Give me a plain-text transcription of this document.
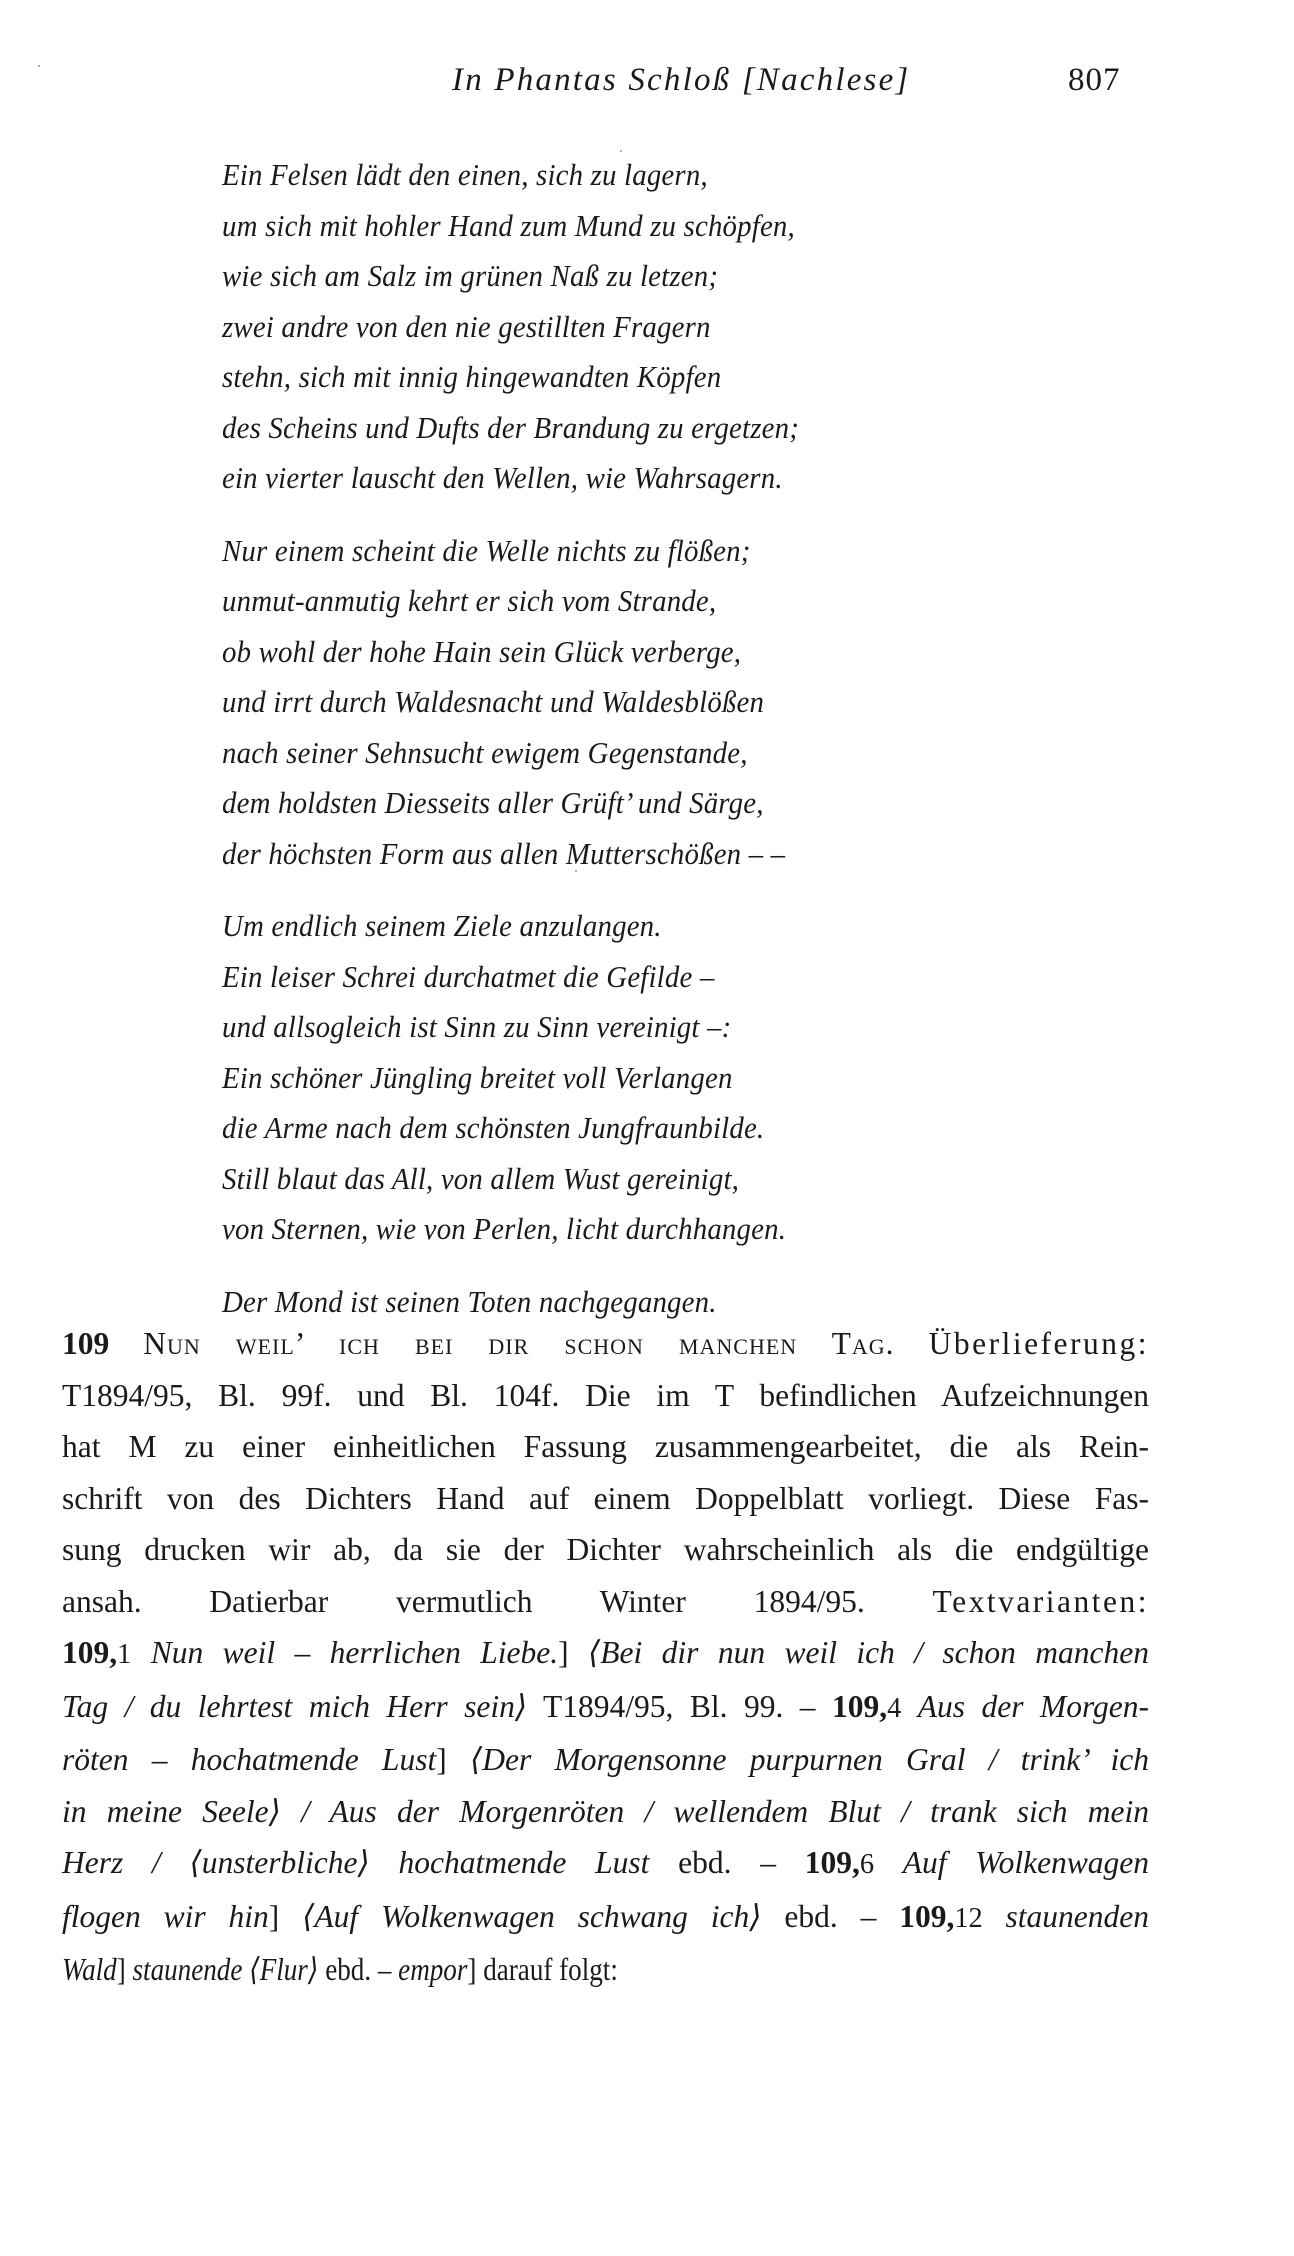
In Phantas Schloß [Nachlese]	807
Ein Felsen lädt den einen, sich zu lagern,
um sich mit hohler Hand zum Mund zu schöpfen,
wie sich am Salz im grünen Naß zu letzen;
zwei andre von den nie gestillten Fragern
stehn, sich mit innig hingewandten Köpfen
des Scheins und Dufts der Brandung zu ergetzen;
ein vierter lauscht den Wellen, wie Wahrsagern.
Nur einem scheint die Welle nichts zu flößen;
unmut-anmutig kehrt er sich vom Strande,
ob wohl der hohe Hain sein Glück verberge,
und irrt durch Waldesnacht und Waldesblößen
nach seiner Sehnsucht ewigem Gegenstande,
dem holdsten Diesseits aller Grüft’ und Särge,
der höchsten Form aus allen Mutterschößen – –
Um endlich seinem Ziele anzulangen.
Ein leiser Schrei durchatmet die Gefilde –
und allsogleich ist Sinn zu Sinn vereinigt –:
Ein schöner Jüngling breitet voll Verlangen
die Arme nach dem schönsten Jungfraunbilde.
Still blaut das All, von allem Wust gereinigt,
von Sternen, wie von Perlen, licht durchhangen.
Der Mond ist seinen Toten nachgegangen.
109 Nun weil’ ich bei dir schon manchen Tag. Überlieferung:
T1894/95, Bl. 99f. und Bl. 104f. Die im T befindlichen Aufzeichnungen
hat M zu einer einheitlichen Fassung zusammengearbeitet, die als Rein-
schrift von des Dichters Hand auf einem Doppelblatt vorliegt. Diese Fas-
sung drucken wir ab, da sie der Dichter wahrscheinlich als die endgültige
ansah. Datierbar vermutlich Winter 1894/95. Textvarianten:
109,1 Nun weil – herrlichen Liebe.] ⟨Bei dir nun weil ich / schon manchen
Tag / du lehrtest mich Herr sein⟩ T1894/95, Bl. 99. – 109,4 Aus der Morgen-
röten – hochatmende Lust] ⟨Der Morgensonne purpurnen Gral / trink’ ich
in meine Seele⟩ / Aus der Morgenröten / wellendem Blut / trank sich mein
Herz / ⟨unsterbliche⟩ hochatmende Lust ebd. – 109,6 Auf Wolkenwagen
flogen wir hin] ⟨Auf Wolkenwagen schwang ich⟩ ebd. – 109,12 staunenden
Wald] staunende ⟨Flur⟩ ebd. – empor] darauf folgt:
